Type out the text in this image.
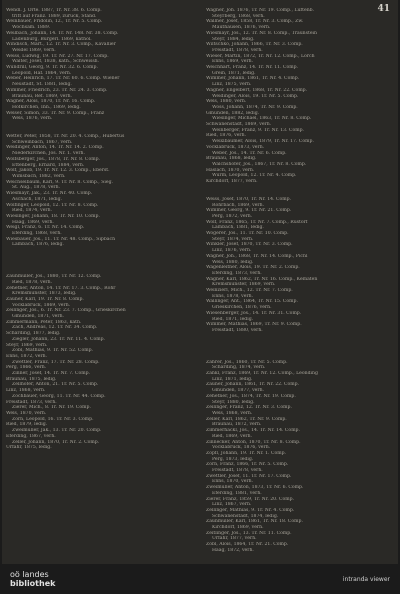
41
Wendl. J. Orte. 1887, Tr. Nr. 38. 6. Comp.
tritt auf Franz. 1889, zurück, Stand.
Weinbauer, Fridolin, 12., Tr. Nr. 5. Comp.
Wochsam. 1889.
Weilbach, Johann, 14. Tr. Nr. 148. Nr. 38. Comp.
Ladenburg, Bürgerl. 1869, kathol.
Windisch, Mart., 12. Tr. Nr. 3. Comp., Kavallier
Weidel 1869, verh.
Weiss, Ludwig, 19. Tr. Nr. 27. Nr. 17. Comp.
Walter, Josef, 1838, kath., Schweissh.
Wundrill, Georg, 9. Tr. Nr. 32. 6. Comp.
Leopold, Haf. 1864, verh.
Weber, Heinrich, 17. Tr. Nr. 60. 6. Comp. Wiener
Neustadt, St. 1881, ledig.
Wimmer, Friedrich, 23. Tr. Nr. 24. 3. Comp.
Braunau, Ref. 1869, verh.
Wagner, Alois, 1870, Tr. Nr. 16. Comp.
Hofkirchen, Inn., 1869, ledig.
Welser, Simon, 33. Tr. Nr. 9. Comp., Franz
Wels, 1876, verh.
Wetter, Peter, 1858, Tr. Nr. 20. 4. Comp., Hubertus
Schweinbach, 1867, verh.
Weidinger, Anton, 14. Tr. Nr. 14. 2. Comp.
Niederkirchen, Jos. Nr. 1. verh.
Wolfsberger, Jos., 1878, Tr. Nr. 8. Comp.
Ettenberg, Erhard, 1884, verh.
Wolf, Jakob, 19. Tr. Nr. 12. 3. Comp., Eberst.
Wimsbach, 1882, verh.
Weichselbaum, Karl, 9. Tr. Nr. 8. Comp., Sieg.
St. Aug., 1878, verh.
Wiesmayr, Jak., 23. Tr. Nr. 40. Comp.
Aschach, 1871, ledig.
Wolfinger, Leopold, 12. Tr. Nr. 8. Comp.
Ried, 1874, verh.
Wiesinger, Johann, 18. Tr. Nr. 10. Comp.
Haag, 1869, verh.
Weigl, Franz, 6. Tr. Nr. 14. Comp.
Eferding, 1868, verh.
Wiesbauer, Jos., 11. Tr. Nr. 48. Comp., Sipbach
Lambach, 1876, ledig.
Zaunmüller, Jos., 1880, Tr. Nr. 12. Comp.
Ried, 1878, verh.
Zehetner, Anton, 14. Tr. Nr. 17. 3. Comp., Rohr
Kremsmünster, 1873, ledig.
Zauner, Karl, 19. Tr. Nr. 8. Comp.
Vöcklabruck, 1869, verh.
Zeilinger, Jos., 6. Tr. Nr. 23. 7. Comp., Grieskirchen
Gmunden, 1871, verh.
Zimmermann, Peter, 1863, kath.
Zach, Andreas, 12. Tr. Nr. 34. Comp.
Schärding, 1877, ledig.
Ziegler, Johann, 23. Tr. Nr. 11. 4. Comp.
Steyr, 1869, verh.
Zöbl, Mathias, 9. Tr. Nr. 52. Comp.
Enns, 1872, verh.
Zwettler, Franz, 17. Tr. Nr. 28. Comp.
Perg, 1866, verh.
Zinner, Josef, 14. Tr. Nr. 7. Comp.
Braunau, 1875, ledig.
Zellhofer, Anton, 21. Tr. Nr. 5. Comp.
Linz, 1868, verh.
Zöchbauer, Georg, 11. Tr. Nr. 44. Comp.
Freistadt, 1873, verh.
Zierer, Mich., 8. Tr. Nr. 19. Comp.
Wels, 1870, verh.
Zorn, Leopold, 16. Tr. Nr. 3. Comp.
Ried, 1879, ledig.
Zweimüller, Jak., 13. Tr. Nr. 20. Comp.
Eferding, 1867, verh.
Zeller, Johann, 1870, Tr. Nr. 2. Comp.
Urfahr, 1875, ledig.
Wagner, Joh. 1876, Tr. Nr. 19. Comp., Luftenb.
Steyrberg, 1868, verh.
Wallner, Josef, 1858, Tr. Nr. 3. Comp., Zw.
Mauthausen, 1876, verh.
Wiesmayr, Jos., 12. Tr. Nr. 8. Comp., Traunstein
Steyr, 1884, ledig.
Wiltschko, Johann, 1866, Tr. Nr. 3. Comp.
Freistadt, 1878, verh.
Wieser, Martin, 1872, Tr. Nr. 12. Comp., Lorch
Enns, 1869, verh.
Weichhart, Franz, 14. Tr. Nr. 11. Comp.
Grein, 1871, ledig.
Wimmer, Johann, 1861, Tr. Nr. 4. Comp.
Linz, 1875, verh.
Wagner, Engelbert, 1868, Tr. Nr. 22. Comp.
Weidinger, Alois, 19. Tr. Nr. 5. Comp.
Wels, 1880, verh.
Wöss, Johann, 1874, Tr. Nr. 9. Comp.
Gmunden, 1882, ledig.
Wiesinger, Michael, 1863, Tr. Nr. 8. Comp.
Schwanenstadt, 1869, verh.
Weinberger, Franz, 9. Tr. Nr. 13. Comp.
Ried, 1876, verh.
Weixlbaumer, Alois, 1879, Tr. Nr. 17. Comp.
Vöcklabruck, 1873, verh.
Weber, Jos., 14. Tr. Nr. 6. Comp.
Braunau, 1868, ledig.
Walchshofer, Jos., 1867, Tr. Nr. 8. Comp.
Haslach, 1870, verh.
Wurm, Leopold, 12. Tr. Nr. 4. Comp.
Kirchdorf, 1877, verh.
Weiss, Josef, 1870, Tr. Nr. 14. Comp.
Rohrbach, 1869, verh.
Wimmer, Georg, 9. Tr. Nr. 21. Comp.
Perg, 1872, verh.
Wolf, Franz, 1865, Tr. Nr. 7. Comp., Rüstorf
Lambach, 1881, ledig.
Wögerer, Jos., 11. Tr. Nr. 10. Comp.
Steyr, 1874, verh.
Winkler, Josef, 1870, Tr. Nr. 3. Comp.
Linz, 1876, verh.
Wagner, Joh., 1868, Tr. Nr. 14. Comp., Pichl
Wels, 1880, ledig.
Wagenleitner, Alois, 19. Tr. Nr. 2. Comp.
Eferding, 1873, verh.
Wagner, Karl, 1862, Tr. Nr. 16. Comp., Kematen
Kremsmünster, 1869, verh.
Weinzierl, Mich., 12. Tr. Nr. 7. Comp.
Enns, 1878, verh.
Wallinger, Ant., 1864, Tr. Nr. 15. Comp.
Grieskirchen, 1876, verh.
Wiesenberger, Jos., 14. Tr. Nr. 31. Comp.
Ried, 1871, ledig.
Wimmer, Mathias, 1869, Tr. Nr. 9. Comp.
Freistadt, 1880, verh.
Zahrer, Jos., 1860, Tr. Nr. 5. Comp.
Schärding, 1874, verh.
Zankl, Franz, 1869, Tr. Nr. 12. Comp., Leonding
Linz, 1871, ledig.
Zauner, Johann, 1861, Tr. Nr. 22. Comp.
Gmunden, 1877, verh.
Zehetner, Jos., 1874, Tr. Nr. 19. Comp.
Steyr, 1880, ledig.
Zeilinger, Franz, 12. Tr. Nr. 3. Comp.
Wels, 1868, verh.
Zeller, Karl, 1862, Tr. Nr. 9. Comp.
Braunau, 1872, verh.
Zimmerhackl, Jos., 14. Tr. Nr. 14. Comp.
Ried, 1869, verh.
Zinnecker, Anton, 1870, Tr. Nr. 8. Comp.
Vöcklabruck, 1876, verh.
Zöpfl, Johann, 19. Tr. Nr. 1. Comp.
Perg, 1873, ledig.
Zorn, Franz, 1866, Tr. Nr. 5. Comp.
Freistadt, 1878, verh.
Zwettler, Josef, 11. Tr. Nr. 17. Comp.
Enns, 1870, verh.
Zweimüller, Anton, 1873, Tr. Nr. 6. Comp.
Eferding, 1881, verh.
Zierer, Franz, 1859, Tr. Nr. 20. Comp.
Linz, 1867, verh.
Zellinger, Mathias, 9. Tr. Nr. 4. Comp.
Schwanenstadt, 1874, ledig.
Zaunmüller, Karl, 1861, Tr. Nr. 18. Comp.
Kirchdorf, 1869, verh.
Zeitlinger, Jos., 13. Tr. Nr. 11. Comp.
Urfahr, 1877, verh.
Zöbl, Alois, 1864, Tr. Nr. 21. Comp.
Haag, 1872, verh.
oö landes
bibliothek	intranda viewer
